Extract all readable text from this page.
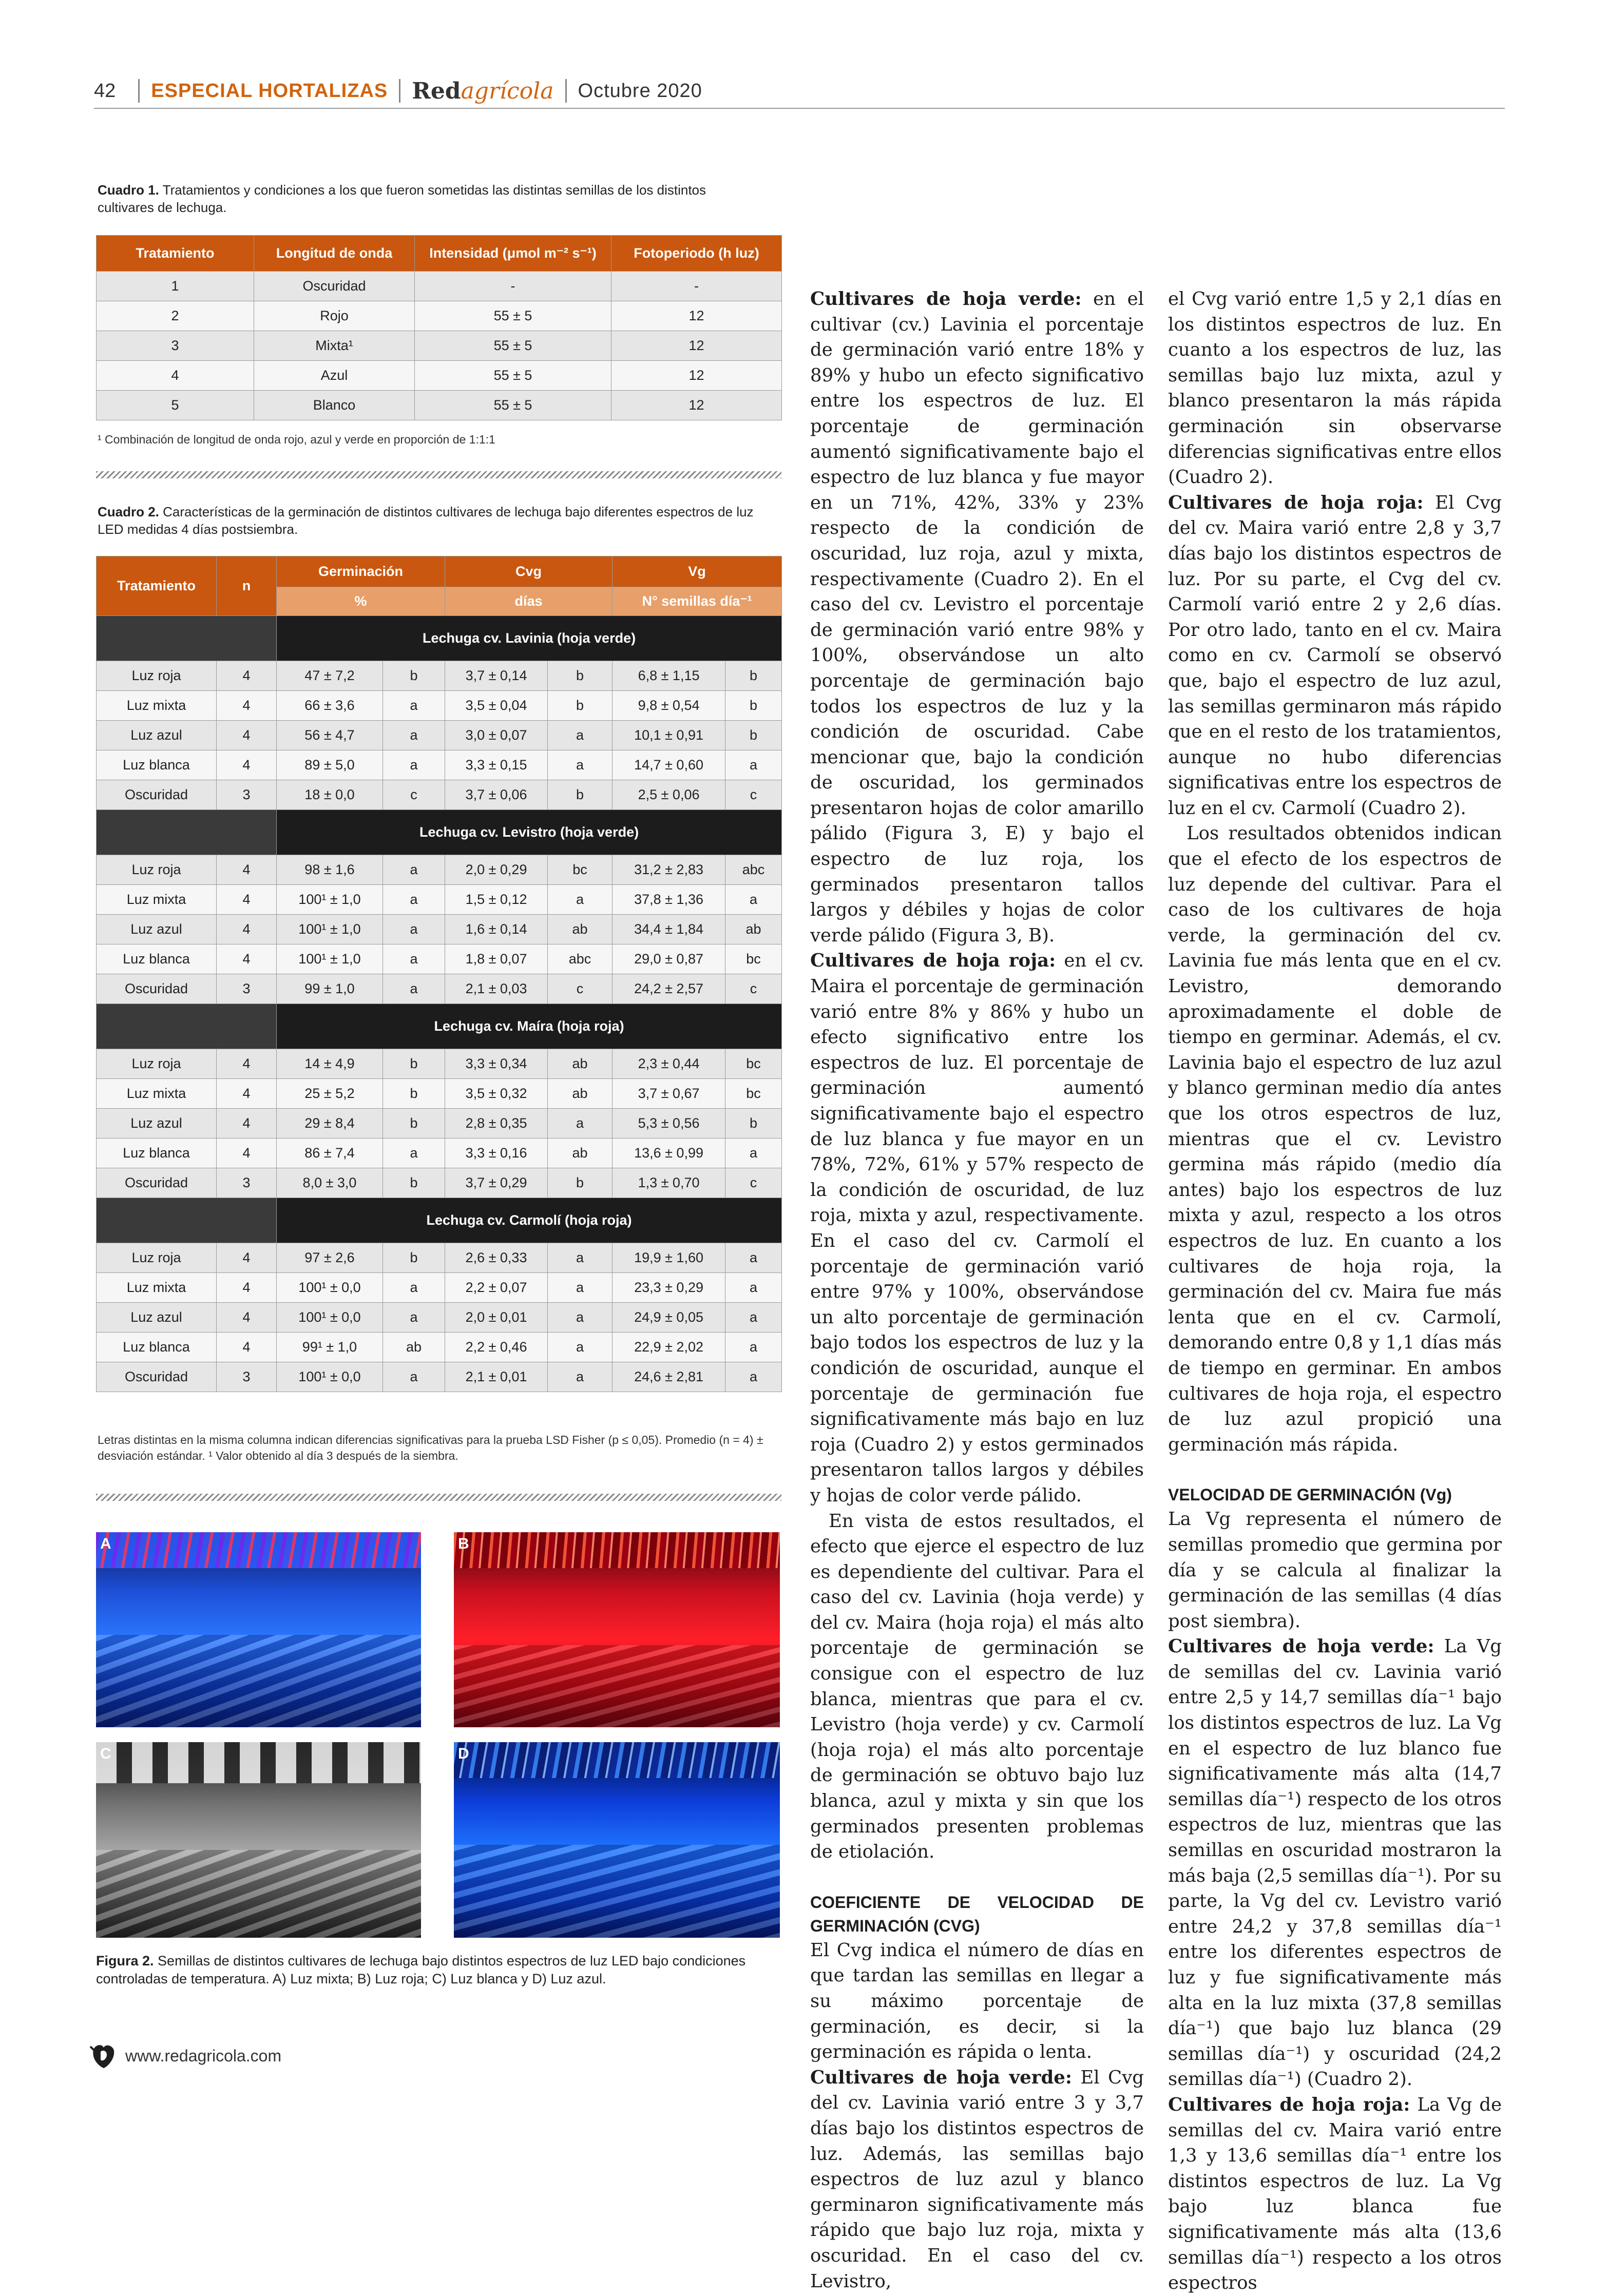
42 ESPECIAL HORTALIZAS Redagrícola Octubre 2020
Cuadro 1. Tratamientos y condiciones a los que fueron sometidas las distintas semillas de los distintos cultivares de lechuga.
Tratamiento	Longitud de onda	Intensidad (μmol m⁻² s⁻¹)	Fotoperiodo (h luz)
1	Oscuridad	-	-
2	Rojo	55 ± 5	12
3	Mixta¹	55 ± 5	12
4	Azul	55 ± 5	12
5	Blanco	55 ± 5	12
¹ Combinación de longitud de onda rojo, azul y verde en proporción de 1:1:1
Cuadro 2. Características de la germinación de distintos cultivares de lechuga bajo diferentes espectros de luz LED medidas 4 días postsiembra.
Tratamiento	n	Germinación		Cvg		Vg	
		%		días		N° semillas día⁻¹	
		Lechuga cv. Lavinia (hoja verde)					
Luz roja	4	47 ± 7,2	b	3,7 ± 0,14	b	6,8 ± 1,15	b
Luz mixta	4	66 ± 3,6	a	3,5 ± 0,04	b	9,8 ± 0,54	b
Luz azul	4	56 ± 4,7	a	3,0 ± 0,07	a	10,1 ± 0,91	b
Luz blanca	4	89 ± 5,0	a	3,3 ± 0,15	a	14,7 ± 0,60	a
Oscuridad	3	18 ± 0,0	c	3,7 ± 0,06	b	2,5 ± 0,06	c
		Lechuga cv. Levistro (hoja verde)					
Luz roja	4	98 ± 1,6	a	2,0 ± 0,29	bc	31,2 ± 2,83	abc
Luz mixta	4	100¹ ± 1,0	a	1,5 ± 0,12	a	37,8 ± 1,36	a
Luz azul	4	100¹ ± 1,0	a	1,6 ± 0,14	ab	34,4 ± 1,84	ab
Luz blanca	4	100¹ ± 1,0	a	1,8 ± 0,07	abc	29,0 ± 0,87	bc
Oscuridad	3	99 ± 1,0	a	2,1 ± 0,03	c	24,2 ± 2,57	c
		Lechuga cv. Maíra (hoja roja)					
Luz roja	4	14 ± 4,9	b	3,3 ± 0,34	ab	2,3 ± 0,44	bc
Luz mixta	4	25 ± 5,2	b	3,5 ± 0,32	ab	3,7 ± 0,67	bc
Luz azul	4	29 ± 8,4	b	2,8 ± 0,35	a	5,3 ± 0,56	b
Luz blanca	4	86 ± 7,4	a	3,3 ± 0,16	ab	13,6 ± 0,99	a
Oscuridad	3	8,0 ± 3,0	b	3,7 ± 0,29	b	1,3 ± 0,70	c
		Lechuga cv. Carmolí (hoja roja)					
Luz roja	4	97 ± 2,6	b	2,6 ± 0,33	a	19,9 ± 1,60	a
Luz mixta	4	100¹ ± 0,0	a	2,2 ± 0,07	a	23,3 ± 0,29	a
Luz azul	4	100¹ ± 0,0	a	2,0 ± 0,01	a	24,9 ± 0,05	a
Luz blanca	4	99¹ ± 1,0	ab	2,2 ± 0,46	a	22,9 ± 2,02	a
Oscuridad	3	100¹ ± 0,0	a	2,1 ± 0,01	a	24,6 ± 2,81	a
Letras distintas en la misma columna indican diferencias significativas para la prueba LSD Fisher (p ≤ 0,05). Promedio (n = 4) ± desviación estándar. ¹ Valor obtenido al día 3 después de la siembra.
A	B
C	D
Figura 2. Semillas de distintos cultivares de lechuga bajo distintos espectros de luz LED bajo condiciones controladas de temperatura. A) Luz mixta; B) Luz roja; C) Luz blanca y D) Luz azul.

Cultivares de hoja verde: en el cultivar (cv.) Lavinia el porcentaje de germinación varió entre 18% y 89% y hubo un efecto significativo entre los espectros de luz. El porcentaje de germinación aumentó significativamente bajo el espectro de luz blanca y fue mayor en un 71%, 42%, 33% y 23% respecto de la condición de oscuridad, luz roja, azul y mixta, respectivamente (Cuadro 2). En el caso del cv. Levistro el porcentaje de germinación varió entre 98% y 100%, observándose un alto porcentaje de germinación bajo todos los espectros de luz y la condición de oscuridad. Cabe mencionar que, bajo la condición de oscuridad, los germinados presentaron hojas de color amarillo pálido (Figura 3, E) y bajo el espectro de luz roja, los germinados presentaron tallos largos y débiles y hojas de color verde pálido (Figura 3, B).

Cultivares de hoja roja: en el cv. Maira el porcentaje de germinación varió entre 8% y 86% y hubo un efecto significativo entre los espectros de luz. El porcentaje de germinación aumentó significativamente bajo el espectro de luz blanca y fue mayor en un 78%, 72%, 61% y 57% respecto de la condición de oscuridad, de luz roja, mixta y azul, respectivamente. En el caso del cv. Carmolí el porcentaje de germinación varió entre 97% y 100%, observándose un alto porcentaje de germinación bajo todos los espectros de luz y la condición de oscuridad, aunque el porcentaje de germinación fue significativamente más bajo en luz roja (Cuadro 2) y estos germinados presentaron tallos largos y débiles y hojas de color verde pálido.

En vista de estos resultados, el efecto que ejerce el espectro de luz es dependiente del cultivar. Para el caso del cv. Lavinia (hoja verde) y del cv. Maira (hoja roja) el más alto porcentaje de germinación se consigue con el espectro de luz blanca, mientras que para el cv. Levistro (hoja verde) y cv. Carmolí (hoja roja) el más alto porcentaje de germinación se obtuvo bajo luz blanca, azul y mixta y sin que los germinados presenten problemas de etiolación.

COEFICIENTE DE VELOCIDAD DE GERMINACIÓN (CVG)

El Cvg indica el número de días en que tardan las semillas en llegar a su máximo porcentaje de germinación, es decir, si la germinación es rápida o lenta.

Cultivares de hoja verde: El Cvg del cv. Lavinia varió entre 3 y 3,7 días bajo los distintos espectros de luz. Además, las semillas bajo espectros de luz azul y blanco germinaron significativamente más rápido que bajo luz roja, mixta y oscuridad. En el caso del cv. Levistro,

el Cvg varió entre 1,5 y 2,1 días en los distintos espectros de luz. En cuanto a los espectros de luz, las semillas bajo luz mixta, azul y blanco presentaron la más rápida germinación sin observarse diferencias significativas entre ellos (Cuadro 2).

Cultivares de hoja roja: El Cvg del cv. Maira varió entre 2,8 y 3,7 días bajo los distintos espectros de luz. Por su parte, el Cvg del cv. Carmolí varió entre 2 y 2,6 días. Por otro lado, tanto en el cv. Maira como en cv. Carmolí se observó que, bajo el espectro de luz azul, las semillas germinaron más rápido que en el resto de los tratamientos, aunque no hubo diferencias significativas entre los espectros de luz en el cv. Carmolí (Cuadro 2).

Los resultados obtenidos indican que el efecto de los espectros de luz depende del cultivar. Para el caso de los cultivares de hoja verde, la germinación del cv. Lavinia fue más lenta que en el cv. Levistro, demorando aproximadamente el doble de tiempo en germinar. Además, el cv. Lavinia bajo el espectro de luz azul y blanco germinan medio día antes que los otros espectros de luz, mientras que el cv. Levistro germina más rápido (medio día antes) bajo los espectros de luz mixta y azul, respecto a los otros espectros de luz. En cuanto a los cultivares de hoja roja, la germinación del cv. Maira fue más lenta que en el cv. Carmolí, demorando entre 0,8 y 1,1 días más de tiempo en germinar. En ambos cultivares de hoja roja, el espectro de luz azul propició una germinación más rápida.

VELOCIDAD DE GERMINACIÓN (Vg)

La Vg representa el número de semillas promedio que germina por día y se calcula al finalizar la germinación de las semillas (4 días post siembra).

Cultivares de hoja verde: La Vg de semillas del cv. Lavinia varió entre 2,5 y 14,7 semillas día⁻¹ bajo los distintos espectros de luz. La Vg en el espectro de luz blanco fue significativamente más alta (14,7 semillas día⁻¹) respecto de los otros espectros de luz, mientras que las semillas en oscuridad mostraron la más baja (2,5 semillas día⁻¹). Por su parte, la Vg del cv. Levistro varió entre 24,2 y 37,8 semillas día⁻¹ entre los diferentes espectros de luz y fue significativamente más alta en la luz mixta (37,8 semillas día⁻¹) que bajo luz blanca (29 semillas día⁻¹) y oscuridad (24,2 semillas día⁻¹) (Cuadro 2).

Cultivares de hoja roja: La Vg de semillas del cv. Maira varió entre 1,3 y 13,6 semillas día⁻¹ entre los distintos espectros de luz. La Vg bajo luz blanca fue significativamente más alta (13,6 semillas día⁻¹) respecto a los otros espectros

www.redagricola.com
